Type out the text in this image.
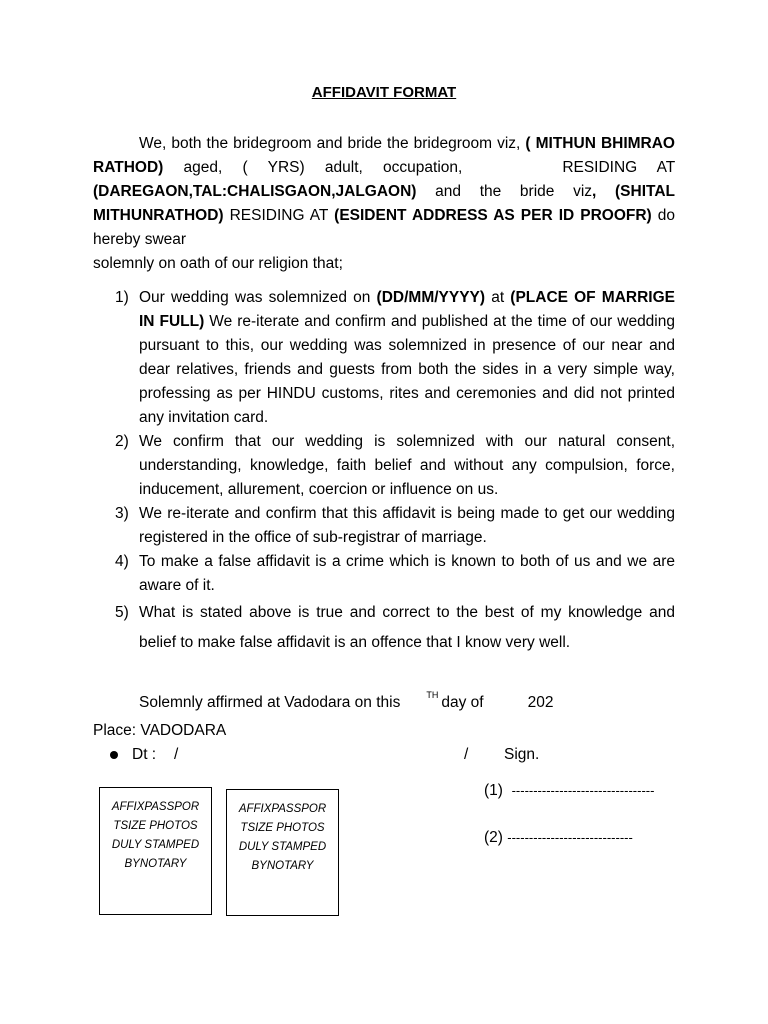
AFFIDAVIT FORMAT
We, both the bridegroom and bride the bridegroom viz, ( MITHUN BHIMRAO RATHOD) aged, ( YRS) adult, occupation,	RESIDING AT (DAREGAON,TAL:CHALISGAON,JALGAON) and the bride viz, (SHITAL MITHUNRATHOD) RESIDING AT (ESIDENT ADDRESS AS PER ID PROOFR) do hereby swear
solemnly on oath of our religion that;
1) Our wedding was solemnized on (DD/MM/YYYY) at (PLACE OF MARRIGE IN FULL) We re-iterate and confirm and published at the time of our wedding pursuant to this, our wedding was solemnized in presence of our near and dear relatives, friends and guests from both the sides in a very simple way, professing as per HINDU customs, rites and ceremonies and did not printed any invitation card.
2) We confirm that our wedding is solemnized with our natural consent, understanding, knowledge, faith belief and without any compulsion, force, inducement, allurement, coercion or influence on us.
3) We re-iterate and confirm that this affidavit is being made to get our wedding registered in the office of sub-registrar of marriage.
4) To make a false affidavit is a crime which is known to both of us and we are aware of it.
5) What is stated above is true and correct to the best of my knowledge and belief to make false affidavit is an offence that I know very well.
Solemnly affirmed at Vadodara on this	$^{TH}$ day of	202
Place: VADODARA
Dt : /	/ Sign.
(1) ---------------------------------
(2) -----------------------------
AFFIXPASSPOR
TSIZE PHOTOS
DULY STAMPED
BYNOTARY
AFFIXPASSPOR
TSIZE PHOTOS
DULY STAMPED
BYNOTARY
